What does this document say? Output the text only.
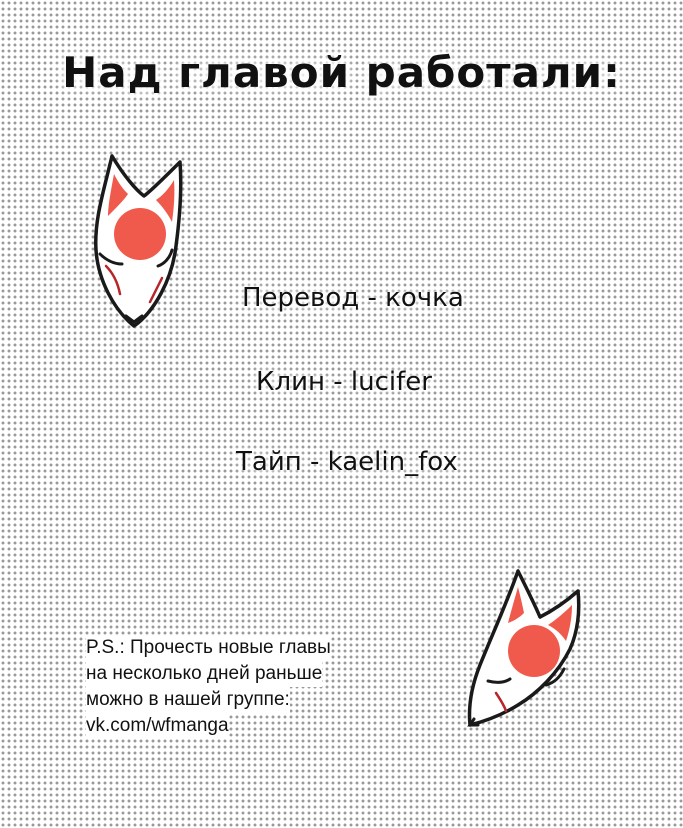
Над главой работали:
Перевод - кочка
Клин - lucifer
Тайп - kaelin_fox
P.S.: Прочесть новые главы
на несколько дней раньше
можно в нашей группе:
vk.com/wfmanga
